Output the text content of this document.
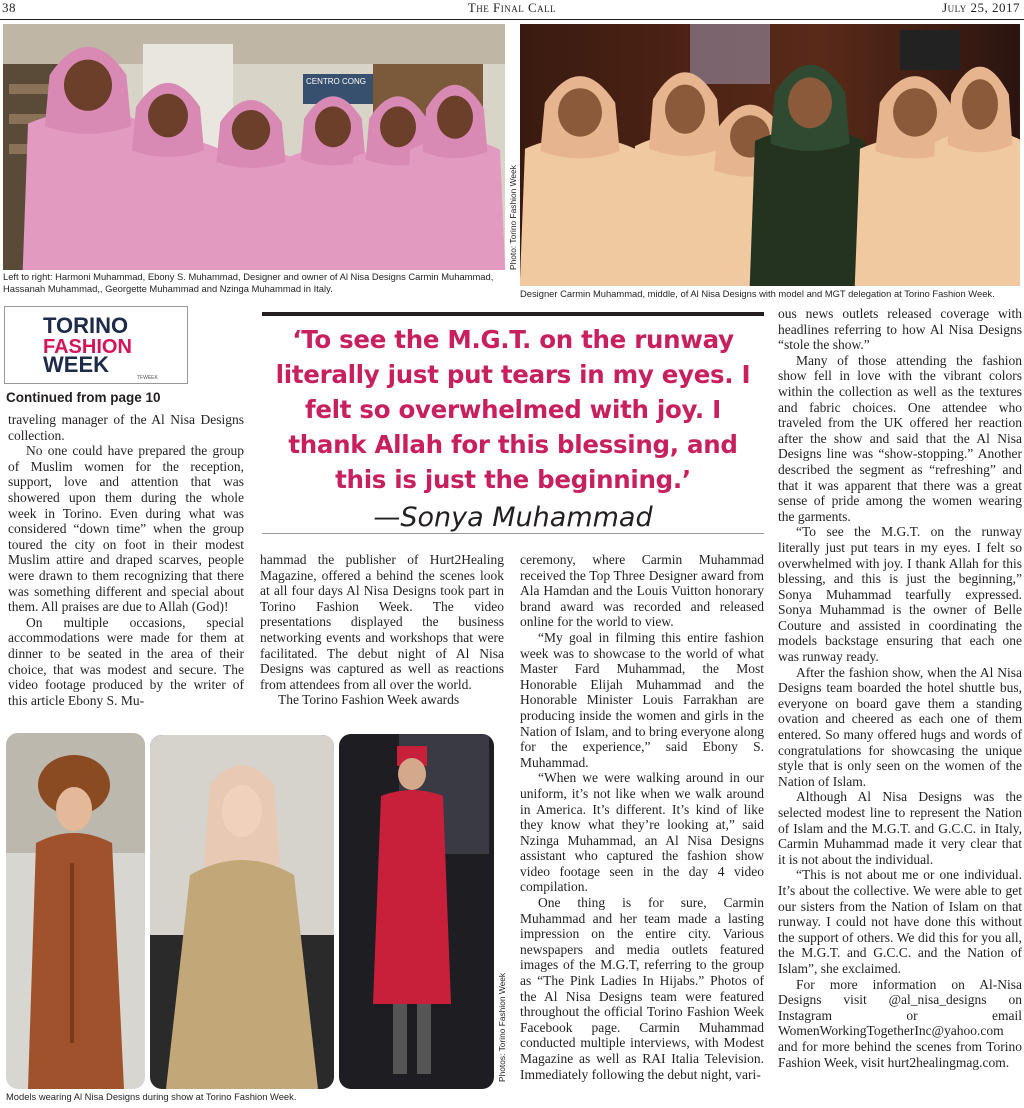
38	The Final Call	July 25, 2017
CENTRO CONG
Photo: Torino Fashion Week
Left to right: Harmoni Muhammad, Ebony S. Muhammad, Designer and owner of Al Nisa Designs Carmin Muhammad, Hassanah Muhammad,, Georgette Muhammad and Nzinga Muhammad in Italy.	Designer Carmin Muhammad, middle, of Al Nisa Designs with model and MGT delegation at Torino Fashion Week.
TORINO
FASHION
WEEK
TFWEEK
Continued from page 10
‘To see the M.G.T. on the runway literally just put tears in my eyes. I felt so overwhelmed with joy. I thank Allah for this blessing, and this is just the beginning.’
—Sonya Muhammad

traveling manager of the Al Nisa Designs collection.

No one could have prepared the group of Muslim women for the reception, support, love and attention that was showered upon them during the whole week in Torino. Even during what was considered “down time” when the group toured the city on foot in their modest Muslim attire and draped scarves, people were drawn to them recognizing that there was something different and special about them. All praises are due to Allah (God)!

On multiple occasions, special accommodations were made for them at dinner to be seated in the area of their choice, that was modest and secure. The video footage produced by the writer of this article Ebony S. Mu-

hammad the publisher of Hurt2Healing Magazine, offered a behind the scenes look at all four days Al Nisa Designs took part in Torino Fashion Week. The video presentations displayed the business networking events and workshops that were facilitated. The debut night of Al Nisa Designs was captured as well as reactions from attendees from all over the world.

The Torino Fashion Week awards

ceremony, where Carmin Muhammad received the Top Three Designer award from Ala Hamdan and the Louis Vuitton honorary brand award was recorded and released online for the world to view.

“My goal in filming this entire fashion week was to showcase to the world of what Master Fard Muhammad, the Most Honorable Elijah Muhammad and the Honorable Minister Louis Farrakhan are producing inside the women and girls in the Nation of Islam, and to bring everyone along for the experience,” said Ebony S. Muhammad.

“When we were walking around in our uniform, it’s not like when we walk around in America. It’s different. It’s kind of like they know what they’re looking at,” said Nzinga Muhammad, an Al Nisa Designs assistant who captured the fashion show video footage seen in the day 4 video compilation.

One thing is for sure, Carmin Muhammad and her team made a lasting impression on the entire city. Various newspapers and media outlets featured images of the M.G.T, referring to the group as “The Pink Ladies In Hijabs.” Photos of the Al Nisa Designs team were featured throughout the official Torino Fashion Week Facebook page. Carmin Muhammad conducted multiple interviews, with Modest Magazine as well as RAI Italia Television. Immediately following the debut night, vari-

ous news outlets released coverage with headlines referring to how Al Nisa Designs “stole the show.”

Many of those attending the fashion show fell in love with the vibrant colors within the collection as well as the textures and fabric choices. One attendee who traveled from the UK offered her reaction after the show and said that the Al Nisa Designs line was “show-stopping.” Another described the segment as “refreshing” and that it was apparent that there was a great sense of pride among the women wearing the garments.

“To see the M.G.T. on the runway literally just put tears in my eyes. I felt so overwhelmed with joy. I thank Allah for this blessing, and this is just the beginning,” Sonya Muhammad tearfully expressed. Sonya Muhammad is the owner of Belle Couture and assisted in coordinating the models backstage ensuring that each one was runway ready.

After the fashion show, when the Al Nisa Designs team boarded the hotel shuttle bus, everyone on board gave them a standing ovation and cheered as each one of them entered. So many offered hugs and words of congratulations for showcasing the unique style that is only seen on the women of the Nation of Islam.

Although Al Nisa Designs was the selected modest line to represent the Nation of Islam and the M.G.T. and G.C.C. in Italy, Carmin Muhammad made it very clear that it is not about the individual.

“This is not about me or one individual. It’s about the collective. We were able to get our sisters from the Nation of Islam on that runway. I could not have done this without the support of others. We did this for you all, the M.G.T. and G.C.C. and the Nation of Islam”, she exclaimed.

For more information on Al-Nisa Designs visit @al_nisa_designs on Instagram or email WomenWorkingTogetherInc@yahoo.com and for more behind the scenes from Torino Fashion Week, visit hurt2healingmag.com.

Photos: Torino Fashion Week
Models wearing Al Nisa Designs during show at Torino Fashion Week.
